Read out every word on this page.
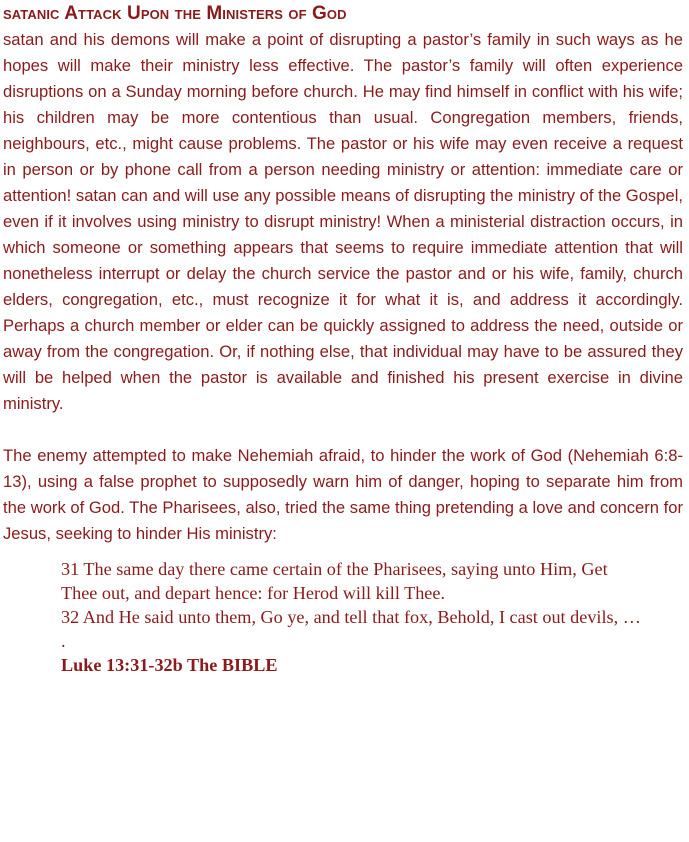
satanic Attack Upon the Ministers of God

satan and his demons will make a point of disrupting a pastor’s family in such ways as he hopes will make their ministry less effective. The pastor’s family will often experience disruptions on a Sunday morning before church. He may find himself in conflict with his wife; his children may be more contentious than usual. Congregation members, friends, neighbours, etc., might cause problems. The pastor or his wife may even receive a request in person or by phone call from a person needing ministry or attention: immediate care or attention! satan can and will use any possible means of disrupting the ministry of the Gospel, even if it involves using ministry to disrupt ministry! When a ministerial distraction occurs, in which someone or something appears that seems to require immediate attention that will nonetheless interrupt or delay the church service the pastor and or his wife, family, church elders, congregation, etc., must recognize it for what it is, and address it accordingly. Perhaps a church member or elder can be quickly assigned to address the need, outside or away from the congregation. Or, if nothing else, that individual may have to be assured they will be helped when the pastor is available and finished his present exercise in divine ministry.

The enemy attempted to make Nehemiah afraid, to hinder the work of God (Nehemiah 6:8-13), using a false prophet to supposedly warn him of danger, hoping to separate him from the work of God. The Pharisees, also, tried the same thing pretending a love and concern for Jesus, seeking to hinder His ministry:

31 The same day there came certain of the Pharisees, saying unto Him, Get Thee out, and depart hence: for Herod will kill Thee.

32 And He said unto them, Go ye, and tell that fox, Behold, I cast out devils, … .

Luke 13:31-32b The BIBLE
